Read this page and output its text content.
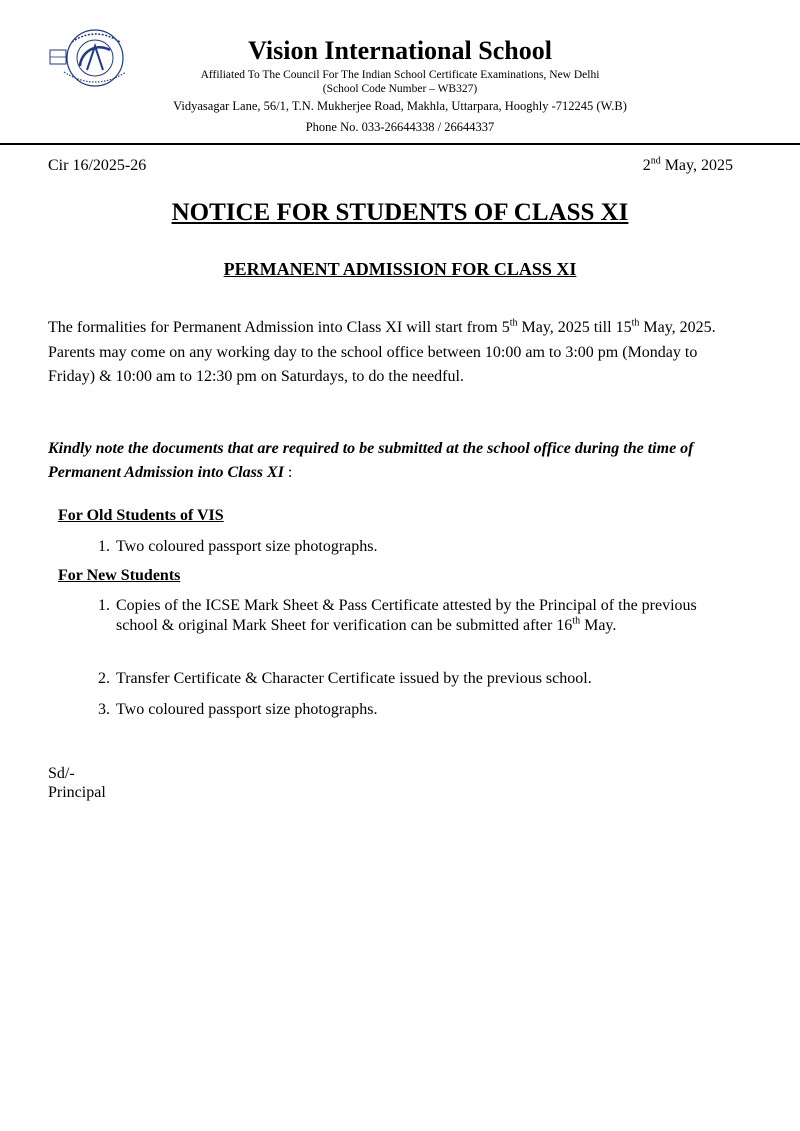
Vision International School
Affiliated To The Council For The Indian School Certificate Examinations, New Delhi
(School Code Number – WB327)
Vidyasagar Lane, 56/1, T.N. Mukherjee Road, Makhla, Uttarpara, Hooghly -712245 (W.B)
Phone No. 033-26644338 / 26644337
Cir 16/2025-26	2nd May, 2025
NOTICE FOR STUDENTS OF CLASS XI
PERMANENT ADMISSION FOR CLASS XI
The formalities for Permanent Admission into Class XI will start from 5th May, 2025 till 15th May, 2025. Parents may come on any working day to the school office between 10:00 am to 3:00 pm (Monday to Friday) & 10:00 am to 12:30 pm on Saturdays, to do the needful.
Kindly note the documents that are required to be submitted at the school office during the time of Permanent Admission into Class XI :
For Old Students of VIS
1. Two coloured passport size photographs.
For New Students
1. Copies of the ICSE Mark Sheet & Pass Certificate attested by the Principal of the previous school & original Mark Sheet for verification can be submitted after 16th May.
2. Transfer Certificate & Character Certificate issued by the previous school.
3. Two coloured passport size photographs.
Sd/-
Principal
